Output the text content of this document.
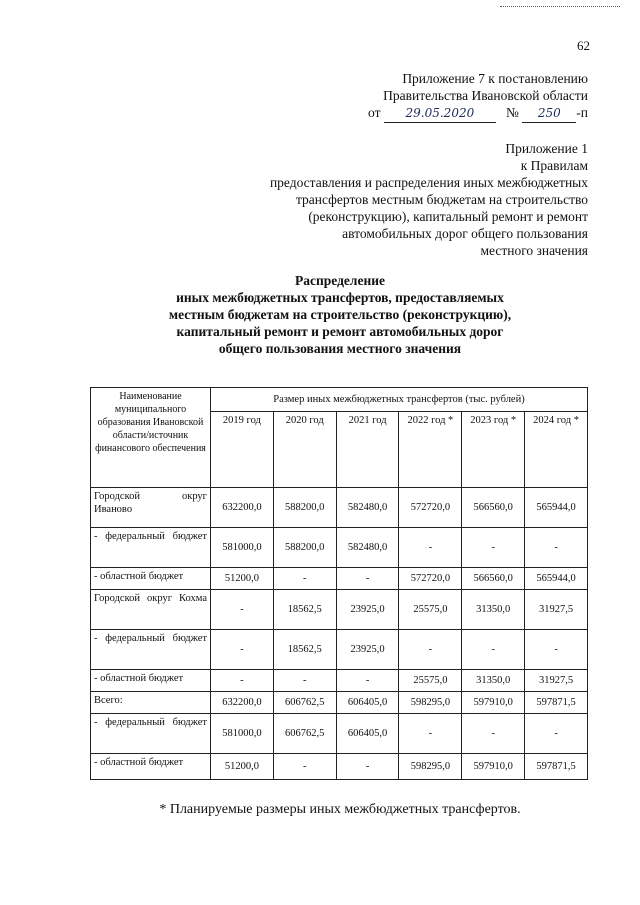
62
Приложение 7 к постановлению
Правительства Ивановской области
от 29.05.2020 № 250 -п
Приложение 1
к Правилам
предоставления и распределения иных межбюджетных
трансфертов местным бюджетам на строительство
(реконструкцию), капитальный ремонт и ремонт
автомобильных дорог общего пользования
местного значения
Распределение
иных межбюджетных трансфертов, предоставляемых
местным бюджетам на строительство (реконструкцию),
капитальный ремонт и ремонт автомобильных дорог
общего пользования местного значения
Наименование муниципального образования Ивановской области/источник финансового обеспечения	Размер иных межбюджетных трансфертов (тыс. рублей)					
	2019 год	2020 год	2021 год	2022 год *	2023 год *	2024 год *
Городской округ Иваново	632200,0	588200,0	582480,0	572720,0	566560,0	565944,0
- федеральный бюджет	581000,0	588200,0	582480,0	-	-	-
- областной бюджет	51200,0	-	-	572720,0	566560,0	565944,0
Городской округ Кохма	-	18562,5	23925,0	25575,0	31350,0	31927,5
- федеральный бюджет	-	18562,5	23925,0	-	-	-
- областной бюджет	-	-	-	25575,0	31350,0	31927,5
Всего:	632200,0	606762,5	606405,0	598295,0	597910,0	597871,5
- федеральный бюджет	581000,0	606762,5	606405,0	-	-	-
- областной бюджет	51200,0	-	-	598295,0	597910,0	597871,5
* Планируемые размеры иных межбюджетных трансфертов.
